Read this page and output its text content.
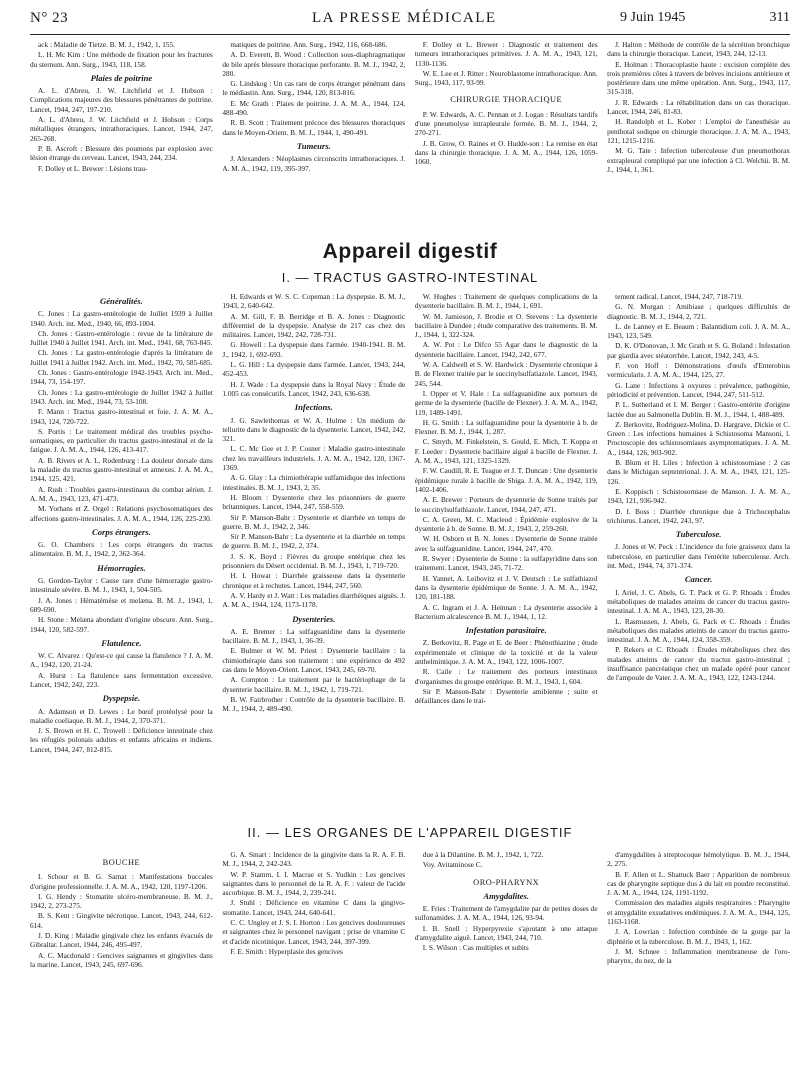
N° 23	LA PRESSE MÉDICALE	9 Juin 1945	311

ack : Maladie de Tietze. B. M. J., 1942, 1, 155.

L. H. Mc Kim : Une méthode de fixation pour les fractures du sternum. Ann. Surg., 1943, 118, 158.

Plaies de poitrine

A. L. d'Abreu, J. W. Litchfield et J. Hobson : Complications majeures des blessures pénétrantes de poitrine. Lancet, 1944, 247, 197-210.

A. L. d'Abreu, J. W. Litchfield et J. Hobson : Corps métalliques étrangers, intrathoraciques. Lancet, 1944, 247, 265-268.

P. B. Ascroft : Blessure des poumons par explosion avec lésion étrange du cerveau. Lancet, 1943, 244, 234.

F. Dolley et L. Brewer : Lésions trau-

matiques de poitrine. Ann. Surg., 1942, 116, 668-686.

A. D. Everett, B. Wood : Collection sous-diaphragmatique de bile après blessure thoracique perforante. B. M. J., 1942, 2, 280.

G. Lindskog : Un cas rare de corps étranger pénétrant dans le médiastin. Ann. Surg., 1944, 120, 813-816.

E. Mc Grath : Plaies de poitrine. J. A. M. A., 1944, 124, 488-490.

R. B. Scott : Traitement précoce des blessures thoraciques dans le Moyen-Orient. B. M. J., 1944, 1, 490-491.

Tumeurs.

J. Alexanders : Néoplasmes circonscrits intrathoraciques. J. A. M. A., 1942, 119, 395-397.

F. Dolley et L. Brewer : Diagnostic et traitement des tumeurs intrathoraciques primitives. J. A. M. A., 1943, 121, 1130-1136.

W. E. Lee et J. Ritter : Neuroblastome intrathoracique. Ann. Surg., 1943, 117, 93-99.

CHIRURGIE THORACIQUE

P. W. Edwards, A. C. Pennan et J. Logan : Résultats tardifs d'une pneumolyse intrapleurale fermée. B. M. J., 1944, 2, 270-271.

J. B. Grow, O. Raines et O. Hudde-son : La remise en état dans la chirurgie thoracique. J. A. M. A., 1944, 126, 1059-1060.

J. Halton : Méthode de contrôle de la sécrétion bronchique dans la chirurgie thoracique. Lancet, 1943, 244, 12-13.

E. Holman : Thoracoplastie haute : excision complète des trois premières côtes à travers de brèves incisions antérieure et postérieure dans une même opération. Ann. Surg., 1943, 117, 315-318.

J. R. Edwards : La réhabilitation dans un cas thoracique. Lancet, 1944, 246, 81-83.

H. Randolph et L. Kober : L'emploi de l'anesthésie au penthotal sodique en chirurgie thoracique. J. A. M. A., 1943, 121, 1215-1216.

M. G. Tate : Infection tuberculeuse d'un pneumothorax extrapleural compliqué par une infection à Cl. Welchii. B. M. J., 1944, 1, 361.

Appareil digestif
I. — TRACTUS GASTRO-INTESTINAL
Généralités.

C. Jones : La gastro-entérologie de Juillet 1939 à Juillet 1940. Arch. int. Med., 1940, 66, 893-1004.

Ch. Jones : Gastro-entérologie : revue de la littérature de Juillet 1940 à Juillet 1941. Arch. int. Med., 1941, 68, 763-845.

Ch. Jones : La gastro-entérologie d'après la littérature de Juillet 1941 à Juillet 1942. Arch. int. Med., 1942, 70, 585-685.

Ch. Jones : Gastro-entérologie 1942-1943. Arch. int. Med., 1944, 73, 154-197.

Ch. Jones : La gastro-entérologie de Juillet 1942 à Juillet 1943. Arch. int. Med., 1944, 73, 53-108.

F. Mann : Tractus gastro-intestinal et foie. J. A. M. A., 1943, 124, 720-722.

S. Portis : Le traitement médical des troubles psycho-somatiques, en particulier du tractus gastro-intestinal et de la fatigue. J. A. M. A., 1944, 126, 413-417.

A. B. Rivers et A. L. Rodenburg : La douleur dorsale dans la maladie du tractus gastro-intestinal et annexes. J. A. M. A., 1944, 125, 421.

A. Rush : Troubles gastro-intestinaux du combat aérien. J. A. M. A., 1943, 123, 471-473.

M. Yorhans et Z. Orgel : Relations psychosomatiques des affections gastro-intestinales. J. A. M. A., 1944, 126, 225-230.

Corps étrangers.

G. O. Chambers : Les corps étrangers du tractus alimentaire. B. M. J., 1942, 2, 362-364.

Hémorragies.

G. Gordon-Taylor : Cause rare d'une hémorragie gastro-intestinale sévère. B. M. J., 1943, 1, 504-505.

J. A. Jones : Hématémèse et melæna. B. M. J., 1943, 1, 689-690.

H. Stone : Melæna abondant d'origine obscure. Ann. Surg., 1944, 120, 582-597.

Flatulence.

W. C. Alvarez : Qu'est-ce qui cause la flatulence ? J. A. M. A., 1942, 120, 21-24.

A. Hurst : La flatulence sans fermentation excessive. Lancet, 1942, 242, 223.

Dyspepsie.

A. Adamson et D. Lewes : Le bœuf protéolysé pour la maladie coeliaque. B. M. J., 1944, 2, 370-371.

J. S. Brown et H. C. Trowell : Déficience intestinale chez les réfugiés polonais adultes et enfants africains et indiens. Lancet, 1944, 247, 812-815.

H. Edwards et W. S. C. Copeman : La dyspepsie. B. M. J., 1943, 2, 640-642.

A. M. Gill, F. B. Berridge et B. A. Jones : Diagnostic différentiel de la dyspepsie. Analyse de 217 cas chez des militaires. Lancet, 1942, 242, 728-731.

G. Howell : La dyspepsie dans l'armée. 1940-1941. B. M. J., 1942, 1, 692-693.

L. G. Hill : La dyspepsie dans l'armée. Lancet, 1943, 244, 452-453.

H. J. Wade : La dyspepsie dans la Royal Navy : Étude de 1.005 cas consécutifs. Lancet, 1942, 243, 636-638.

Infections.

J. G. Sawlethomas et W. A. Hulme : Un médium de tellurite dans le diagnostic de la dysenterie. Lancet, 1942, 242, 321.

L. C. Mc Gee et J. P. Cosner : Maladie gastro-intestinale chez les travailleurs industriels. J. A. M. A., 1942, 120, 1367-1369.

A. G. Glay : La chimiothérapie sulfamidique des infections intestinales. B. M. J., 1943, 2, 35.

H. Bloom : Dysenterie chez les prisonniers de guerre britanniques. Lancet, 1944, 247, 558-559.

Sir P. Manson-Bahr : Dysenterie et diarrhée en temps de guerre. B. M. J., 1942, 2, 346.

Sir P. Manson-Bahr : La dysenterie et la diarrhée en temps de guerre. B. M. J., 1942, 2, 374.

J. S. K. Boyd : Fièvres du groupe entérique chez les prisonniers du Désert occidental. B. M. J., 1943, 1, 719-720.

H. I. Howat : Diarrhée graisseuse dans la dysenterie chronique et à rechutes. Lancet, 1944, 247, 560.

A. V. Hardy et J. Watt : Les maladies diarrhéiques aiguës. J. A. M. A., 1944, 124, 1173-1178.

Dysenteries.

A. E. Bremer : La sulfaguanidine dans la dysenterie bacillaire. B. M. J., 1943, 1, 36-39.

E. Bulmer et W. M. Priest : Dysenterie bacillaire : la chimiothérapie dans son traitement : une expérience de 492 cas dans le Moyen-Orient. Lancet, 1943, 245, 69-70.

A. Compton : Le traitement par le bactériophage de la dysenterie bacillaire. B. M. J., 1942, 1, 719-721.

B. W. Fairbrother : Contrôle de la dysenterie bacillaire. B. M. J., 1944, 2, 489-490.

W. Hughes : Traitement de quelques complications de la dysenterie bacillaire. B. M. J., 1944, 1, 691.

W. M. Jamieson, J. Brodie et O. Stevens : La dysenterie bacillaire à Dundee ; étude comparative des traitements. B. M. J., 1944, 1, 322-324.

A. W. Pot : Le Difco 55 Agar dans le diagnostic de la dysenterie bacillaire. Lancet, 1942, 242, 677.

W. A. Caldwell et S. W. Hardwick : Dysenterie chronique à B. de Flexner traitée par le succinylsulfatiazole. Lancet, 1943, 245, 544.

I. Opper et V. Hale : La sulfaguanidine aux porteurs de germe de la dysenterie (bacille de Flexner). J. A. M. A., 1942, 119, 1489-1491.

H. G. Smith : La sulfaguanidine pour la dysenterie à b. de Flexner. B. M. J., 1944, 1, 287.

C. Smyth, M. Finkelstein, S. Gould, E. Mich, T. Koppa et F. Leeder : Dysenterie bacillaire aiguë à bacille de Flexner. J. A. M. A., 1943, 121, 1325-1329.

F. W. Caudill, R. E. Teague et J. T. Duncan : Une dysenterie épidémique rurale à bacille de Shiga. J. A. M. A., 1942, 119, 1402-1406.

A. E. Brewer : Porteurs de dysenterie de Sonne traités par le succinylsulfathiazole. Lancet, 1944, 247, 471.

C. A. Green, M. C. Macleod : Épidémie explosive de la dysenterie à b. de Sonne. B. M. J., 1943, 2, 259-260.

W. H. Osborn et B. N. Jones : Dysenterie de Sonne traitée avec la sulfaguanidine. Lancet, 1944, 247, 470.

R. Swyer : Dysenterie de Sonne : la sulfapyridine dans son traitement. Lancet, 1943, 245, 71-72.

H. Yannet, A. Leibovitz et J. V. Deutsch : Le sulfathiazol dans la dysenterie épidémique de Sonne. J. A. M. A., 1942, 120, 181-188.

A. C. Ingram et J. A. Heinnan : La dysenterie associée à Bacterium alcalescence B. M. J., 1944, 1, 12.

Infestation parasitaire.

Z. Berkovitz, R. Page et E. de Beer : Phénothiazine ; étude expérimentale et clinique de la toxicité et de la valeur anthelmintique. J. A. M. A., 1943, 122, 1006-1007.

R. Caile : Le traitement des porteurs intestinaux d'organismes du groupe entérique. B. M. J., 1943, 1, 604.

Sir P. Manson-Bahr : Dysenterie amibienne ; suite et défaillances dans le trai-

tement radical. Lancet, 1944, 247, 718-719.

G. N. Morgan : Amibiase ; quelques difficultés de diagnostic. B. M. J., 1944, 2, 721.

L. de Lanney et E. Beaum : Balantidium coli. J. A. M. A., 1943, 123, 549.

D. K. O'Donovan, J. Mc Grath et S. G. Boland : Infestation par giardia avec stéatorrhée. Lancet, 1942, 243, 4-5.

F. von Hoff : Démonstrations d'œufs d'Enterobius vermicularis. J. A. M. A., 1944, 125, 27.

G. Lane : Infections à oxyures : prévalence, pathogénie, périodicité et prévention. Lancet, 1944, 247, 511-512.

P. L. Sutherland et I. M. Berger : Gastro-entérite d'origine lactée due au Salmonella Dublin. B. M. J., 1944, 1, 488-489.

Z. Berkovitz, Rodriguez-Molina, D. Hargrave, Dickie et C. Green : Les infections humaines à Schistosoma Mansoni, l. Proctoscopie des schistosomiases asymptomatiques. J. A. M. A., 1944, 126, 903-902.

B. Blum et H. Liles : Infection à schistosomiase : 2 cas dans le Michigan septentrional. J. A. M. A., 1943, 121, 125-126.

E. Koppisch : Schistosomiase de Manson. J. A. M. A., 1943, 121, 936-942.

D. I. Boss : Diarrhée chronique due à Trichocephalus trichiurus. Lancet, 1942, 243, 97.

Tuberculose.

J. Jones et W. Peck : L'incidence du foie graisseux dans la tuberculose, en particulier dans l'entérite tuberculeuse. Arch. int. Med., 1944, 74, 371-374.

Cancer.

I. Ariel, J. C. Abels, G. T. Pack et G. P. Rhoads : Études métaboliques de malades atteints de cancer du tractus gastro-intestinal. J. A. M. A., 1943, 123, 28-30.

L. Rasmussen, J. Abels, G. Pack et C. Rhoads : Études métaboliques des malades atteints de cancer du tractus gastro-intestinal. J. A. M. A., 1944, 124, 358-359.

P. Rekers et C. Rhoads : Études métaboliques chez des malades atteints de cancer du tractus gastro-intestinal ; insuffisance pancréatique chez un malade opéré pour cancer de l'ampoule de Vater. J. A. M. A., 1943, 122, 1243-1244.

II. — LES ORGANES DE L'APPAREIL DIGESTIF
BOUCHE

I. Schour et B. G. Sarnat : Manifestations buccales d'origine professionnelle. J. A. M. A., 1942, 120, 1197-1206.

I. G. Hendy : Stomatite ulcéro-membraneuse. B. M. J., 1942, 2, 273-275.

B. S. Kent : Gingivite nécrotique. Lancet, 1943, 244, 612-614.

J. D. King : Maladie gingivale chez les enfants évacués de Gibraltar. Lancet, 1944, 246, 495-497.

A. C. Macdonald : Gencives saignantes et gingivites dans la marine. Lancet, 1943, 245, 697-696.

G. A. Smart : Incidence de la gingivite dans la R. A. F. B. M. J., 1944, 2, 242-243.

W. P. Stamm, I. I. Macrae et S. Yudkin : Les gencives saignantes dans le personnel de la R. A. F. : valeur de l'acide ascorbique. B. M. J., 1944, 2, 239-241.

J. Stuhl : Déficience en vitamine C dans la gingivo-stomatite. Lancet, 1943, 244, 640-641.

C. C. Ungley et J. S. I. Horton : Les gencives douloureuses et saignantes chez le personnel navigant ; prise de vitamine C et d'acide nicotinique. Lancet, 1943, 244, 397-399.

F. E. Smith : Hyperplasie des gencives

due à la Dilantine. B. M. J., 1942, 1, 722.

Voy. Avitaminose C.

ORO-PHARYNX
Amygdalites.

E. Fries : Traitement de l'amygdalite par de petites doses de sulfonamides. J. A. M. A., 1944, 126, 93-94.

I. B. Snell : Hyperpyrexie s'ajoutant à une attaque d'amygdalite aiguë. Lancet, 1943, 244, 710.

I. S. Wilson : Cas multiples et subits

d'amygdalites à streptocoque hémolytique. B. M. J., 1944, 2, 275.

B. F. Allen et L. Shattuck Baer : Apparition de nombreux cas de pharyngite septique dus à du lait en poudre reconstitué. J. A. M. A., 1944, 124, 1191-1192.

Commission des maladies aiguës respiratoires : Pharyngite et amygdalite exsudatives endémiques. J. A. M. A., 1944, 125, 1163-1168.

J. A. Lowrian : Infection combinée de la gorge par la diphtérie et la tuberculose. B. M. J., 1943, 1, 162.

J. M. Schnee : Inflammation membraneuse de l'oro-pharynx, du nez, de la
